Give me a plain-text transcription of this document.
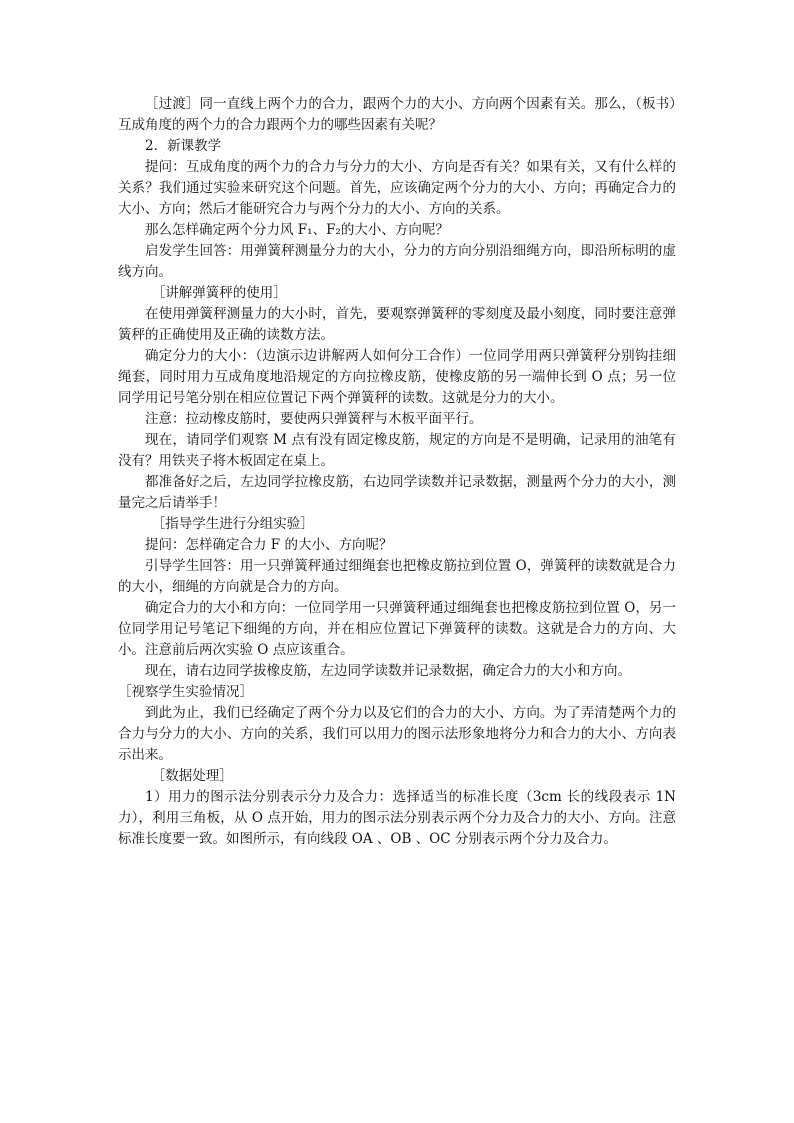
［过渡］同一直线上两个力的合力，跟两个力的大小、方向两个因素有关。那么，（板书）互成角度的两个力的合力跟两个力的哪些因素有关呢？

2．新课教学

提问：互成角度的两个力的合力与分力的大小、方向是否有关？如果有关，又有什么样的关系？我们通过实验来研究这个问题。首先，应该确定两个分力的大小、方向；再确定合力的大小、方向；然后才能研究合力与两个分力的大小、方向的关系。

那么怎样确定两个分力风 F₁、F₂的大小、方向呢？

启发学生回答：用弹簧秤测量分力的大小，分力的方向分别沿细绳方向，即沿所标明的虚线方向。

［讲解弹簧秤的使用］

在使用弹簧秤测量力的大小时，首先，要观察弹簧秤的零刻度及最小刻度，同时要注意弹簧秤的正确使用及正确的读数方法。

确定分力的大小：（边演示边讲解两人如何分工合作）一位同学用两只弹簧秤分别钩挂细绳套，同时用力互成角度地沿规定的方向拉橡皮筋，使橡皮筋的另一端伸长到 O 点；另一位同学用记号笔分别在相应位置记下两个弹簧秤的读数。这就是分力的大小。

注意：拉动橡皮筋时，要使两只弹簧秤与木板平面平行。

现在，请同学们观察 M 点有没有固定橡皮筋，规定的方向是不是明确，记录用的油笔有没有？用铁夹子将木板固定在桌上。

都准备好之后，左边同学拉橡皮筋，右边同学读数并记录数据，测量两个分力的大小，测量完之后请举手！

［指导学生进行分组实验］

提问：怎样确定合力 F 的大小、方向呢？

引导学生回答：用一只弹簧秤通过细绳套也把橡皮筋拉到位置 O，弹簧秤的读数就是合力的大小，细绳的方向就是合力的方向。

确定合力的大小和方向：一位同学用一只弹簧秤通过细绳套也把橡皮筋拉到位置 O，另一位同学用记号笔记下细绳的方向，并在相应位置记下弹簧秤的读数。这就是合力的方向、大小。注意前后两次实验 O 点应该重合。

现在，请右边同学拔橡皮筋，左边同学读数并记录数据，确定合力的大小和方向。

［视察学生实验情况］

到此为止，我们已经确定了两个分力以及它们的合力的大小、方向。为了弄清楚两个力的合力与分力的大小、方向的关系，我们可以用力的图示法形象地将分力和合力的大小、方向表示出来。

［数据处理］

1）用力的图示法分别表示分力及合力：选择适当的标准长度（3cm 长的线段表示 1N 力），利用三角板，从 O 点开始，用力的图示法分别表示两个分力及合力的大小、方向。注意标准长度要一致。如图所示，有向线段 OA 、OB 、OC 分别表示两个分力及合力。
